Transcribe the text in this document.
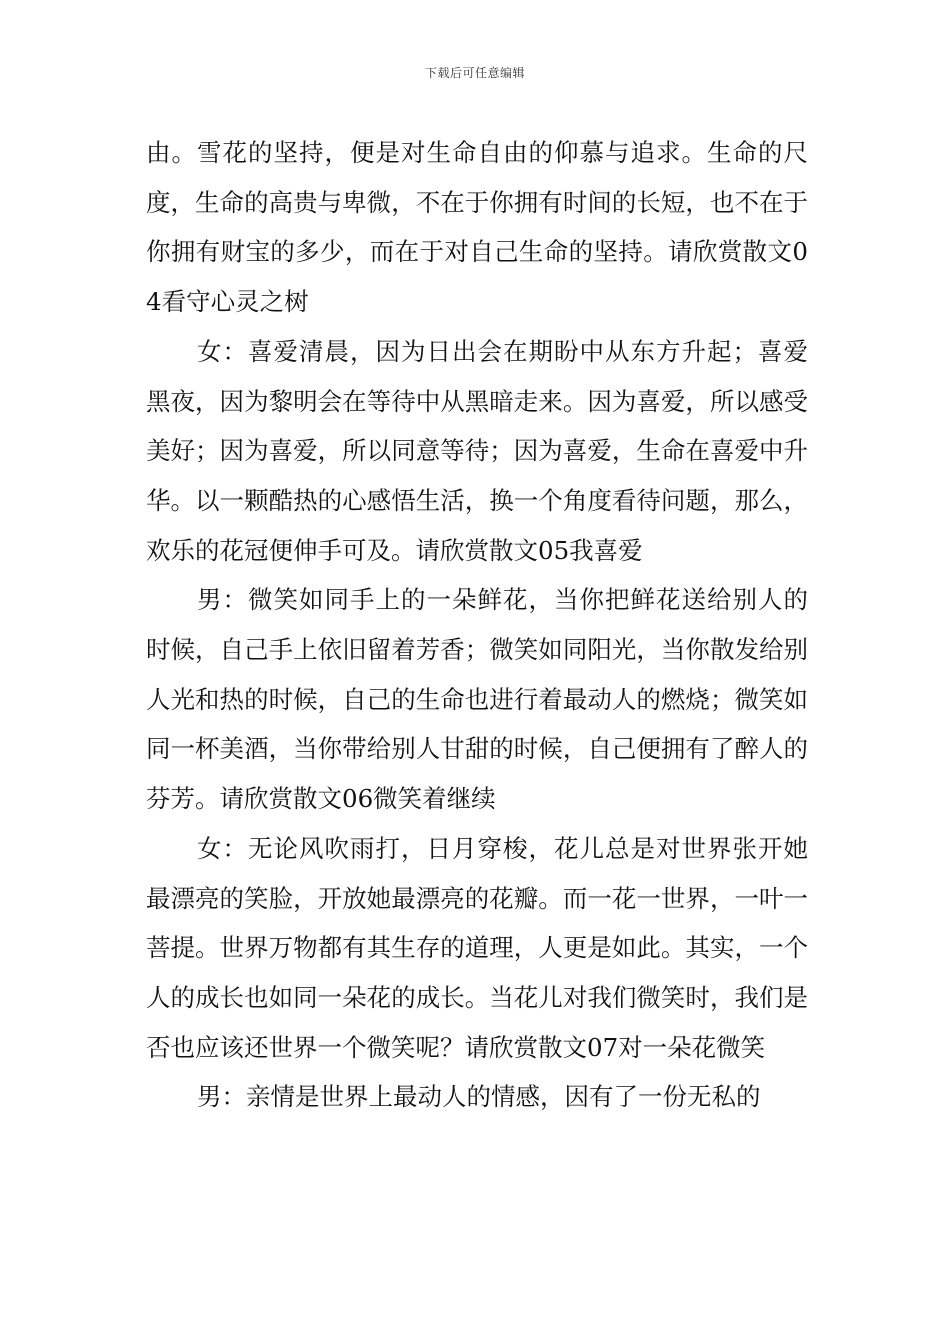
下载后可任意编辑

由。雪花的坚持，便是对生命自由的仰慕与追求。生命的尺度，生命的高贵与卑微，不在于你拥有时间的长短，也不在于你拥有财宝的多少，而在于对自己生命的坚持。请欣赏散文04看守心灵之树

女：喜爱清晨，因为日出会在期盼中从东方升起；喜爱黑夜，因为黎明会在等待中从黑暗走来。因为喜爱，所以感受美好；因为喜爱，所以同意等待；因为喜爱，生命在喜爱中升华。以一颗酷热的心感悟生活，换一个角度看待问题，那么，欢乐的花冠便伸手可及。请欣赏散文05我喜爱

男：微笑如同手上的一朵鲜花，当你把鲜花送给别人的时候，自己手上依旧留着芳香；微笑如同阳光，当你散发给别人光和热的时候，自己的生命也进行着最动人的燃烧；微笑如同一杯美酒，当你带给别人甘甜的时候，自己便拥有了醉人的芬芳。请欣赏散文06微笑着继续

女：无论风吹雨打，日月穿梭，花儿总是对世界张开她最漂亮的笑脸，开放她最漂亮的花瓣。而一花一世界，一叶一菩提。世界万物都有其生存的道理，人更是如此。其实，一个人的成长也如同一朵花的成长。当花儿对我们微笑时，我们是否也应该还世界一个微笑呢？请欣赏散文07对一朵花微笑

男：亲情是世界上最动人的情感，因有了一份无私的
